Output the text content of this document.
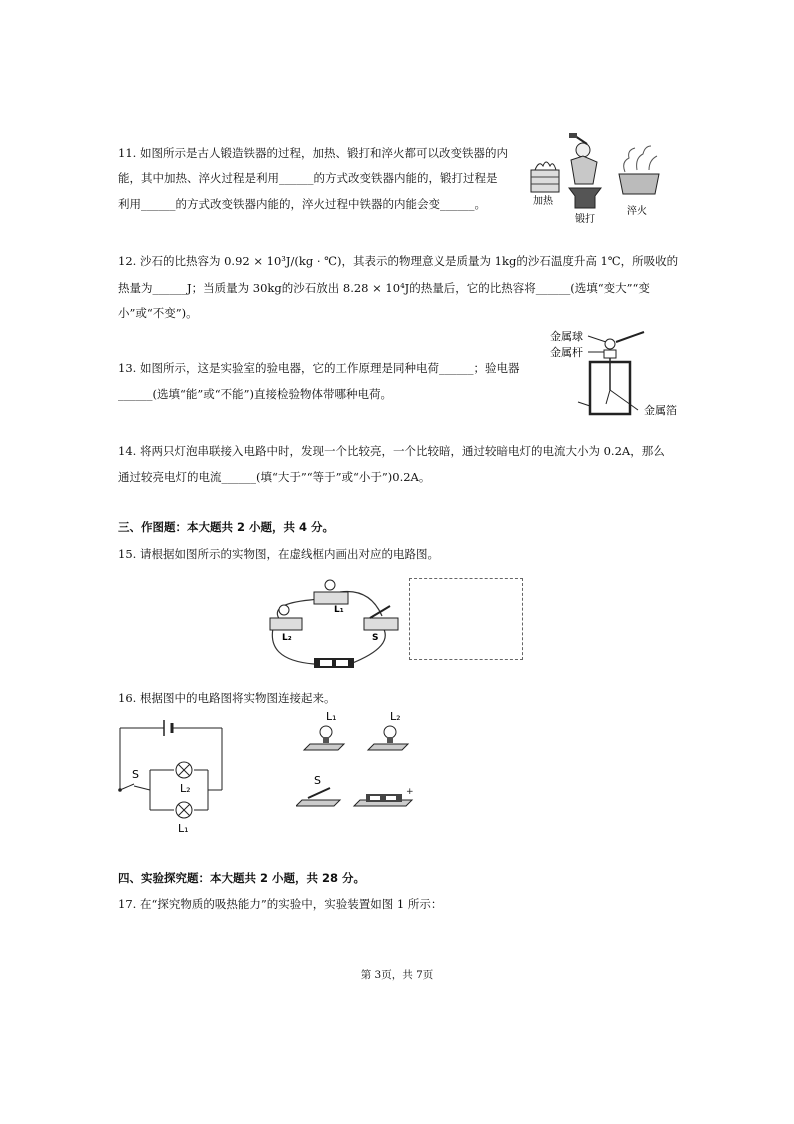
11. 如图所示是古人锻造铁器的过程，加热、锻打和淬火都可以改变铁器的内
能，其中加热、淬火过程是利用______的方式改变铁器内能的，锻打过程是
利用______的方式改变铁器内能的，淬火过程中铁器的内能会变______。	加热
锻打
淬火
12. 沙石的比热容为 0.92 × 10³J/(kg · ℃)，其表示的物理意义是质量为 1kg的沙石温度升高 1℃，所吸收的
热量为______J；当质量为 30kg的沙石放出 8.28 × 10⁴J的热量后，它的比热容将______(选填“变大”“变
小”或“不变”)。
13. 如图所示，这是实验室的验电器，它的工作原理是同种电荷______；验电器
______(选填“能”或“不能”)直接检验物体带哪种电荷。
金属球
金属杆
金属箔
14. 将两只灯泡串联接入电路中时，发现一个比较亮，一个比较暗，通过较暗电灯的电流大小为 0.2A，那么
通过较亮电灯的电流______(填“大于”“等于”或“小于”)0.2A。
三、作图题：本大题共 2 小题，共 4 分。
15. 请根据如图所示的实物图，在虚线框内画出对应的电路图。
L₁
L₂	S
16. 根据图中的电路图将实物图连接起来。
S
L₂
L₁
L₁	L₂
S
+
四、实验探究题：本大题共 2 小题，共 28 分。
17. 在“探究物质的吸热能力”的实验中，实验装置如图 1 所示：
第 3页，共 7页
